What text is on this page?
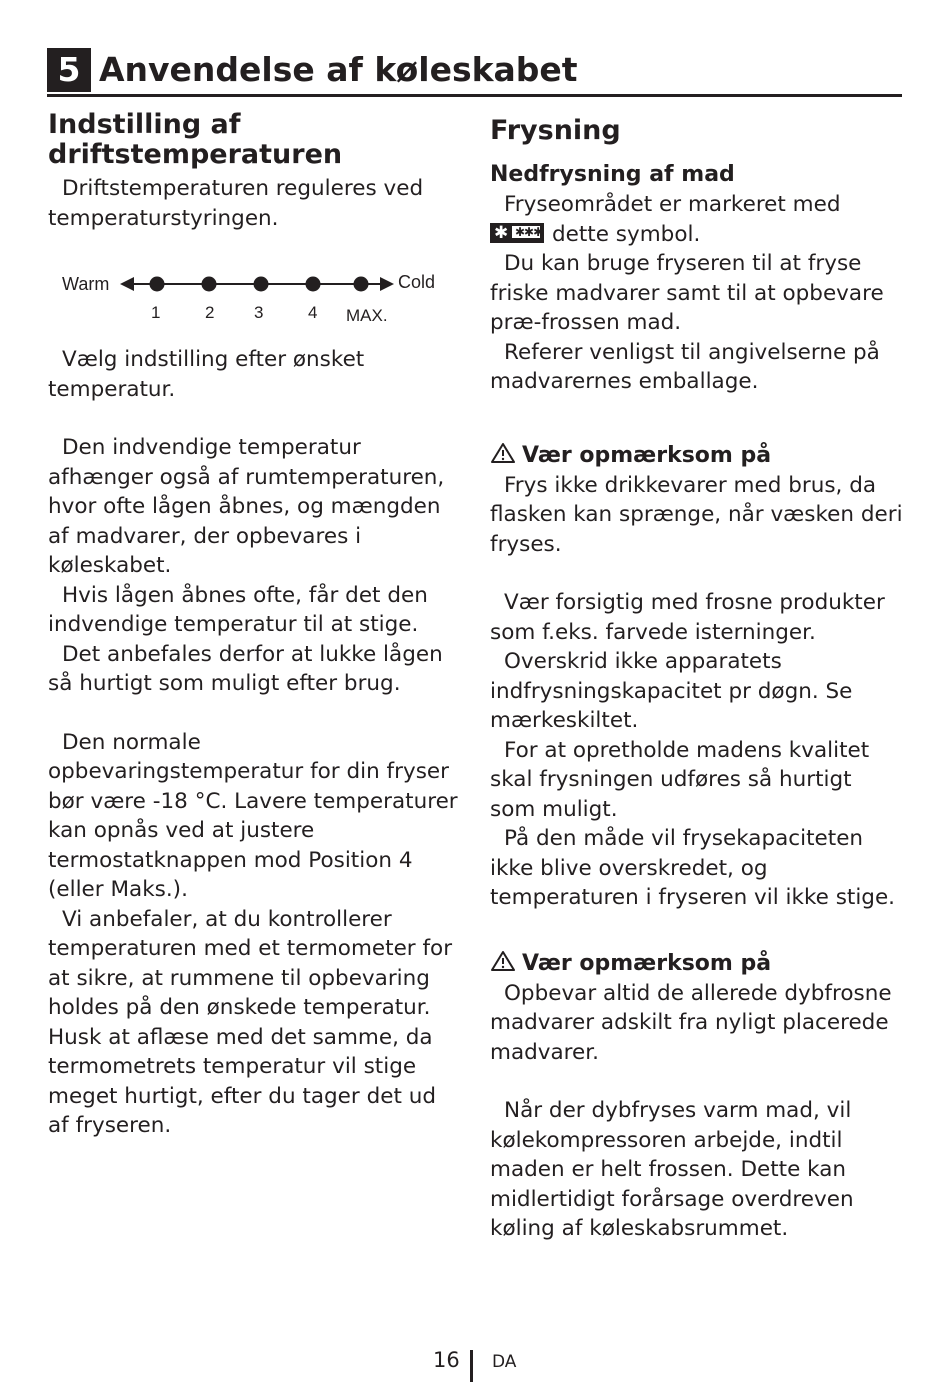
5 Anvendelse af køleskabet
Indstilling af
driftstemperaturen

Driftstemperaturen reguleres ved
temperaturstyringen.

Warm	Cold
1	2 3	4 MAX.

Vælg indstilling efter ønsket
temperatur.

Den indvendige temperatur
afhænger også af rumtemperaturen,
hvor ofte lågen åbnes, og mængden
af madvarer, der opbevares i
køleskabet.

Hvis lågen åbnes ofte, får det den
indvendige temperatur til at stige.

Det anbefales derfor at lukke lågen
så hurtigt som muligt efter brug.

Den normale
opbevaringstemperatur for din fryser
bør være -18 °C. Lavere temperaturer
kan opnås ved at justere
termostatknappen mod Position 4
(eller Maks.).

Vi anbefaler, at du kontrollerer
temperaturen med et termometer for
at sikre, at rummene til opbevaring
holdes på den ønskede temperatur.
Husk at aflæse med det samme, da
termometrets temperatur vil stige
meget hurtigt, efter du tager det ud
af fryseren.

Frysning
Nedfrysning af mad

Fryseområdet er markeret med
✱ ✱✱✱ dette symbol.

Du kan bruge fryseren til at fryse
friske madvarer samt til at opbevare
præ-frossen mad.

Referer venligst til angivelserne på
madvarernes emballage.

Vær opmærksom på

Frys ikke drikkevarer med brus, da
flasken kan sprænge, når væsken deri
fryses.

Vær forsigtig med frosne produkter
som f.eks. farvede isterninger.

Overskrid ikke apparatets
indfrysningskapacitet pr døgn. Se
mærkeskiltet.

For at opretholde madens kvalitet
skal frysningen udføres så hurtigt
som muligt.

På den måde vil frysekapaciteten
ikke blive overskredet, og
temperaturen i fryseren vil ikke stige.

Vær opmærksom på

Opbevar altid de allerede dybfrosne
madvarer adskilt fra nyligt placerede
madvarer.

Når der dybfryses varm mad, vil
kølekompressoren arbejde, indtil
maden er helt frossen. Dette kan
midlertidigt forårsage overdreven
køling af køleskabsrummet.

16 DA
